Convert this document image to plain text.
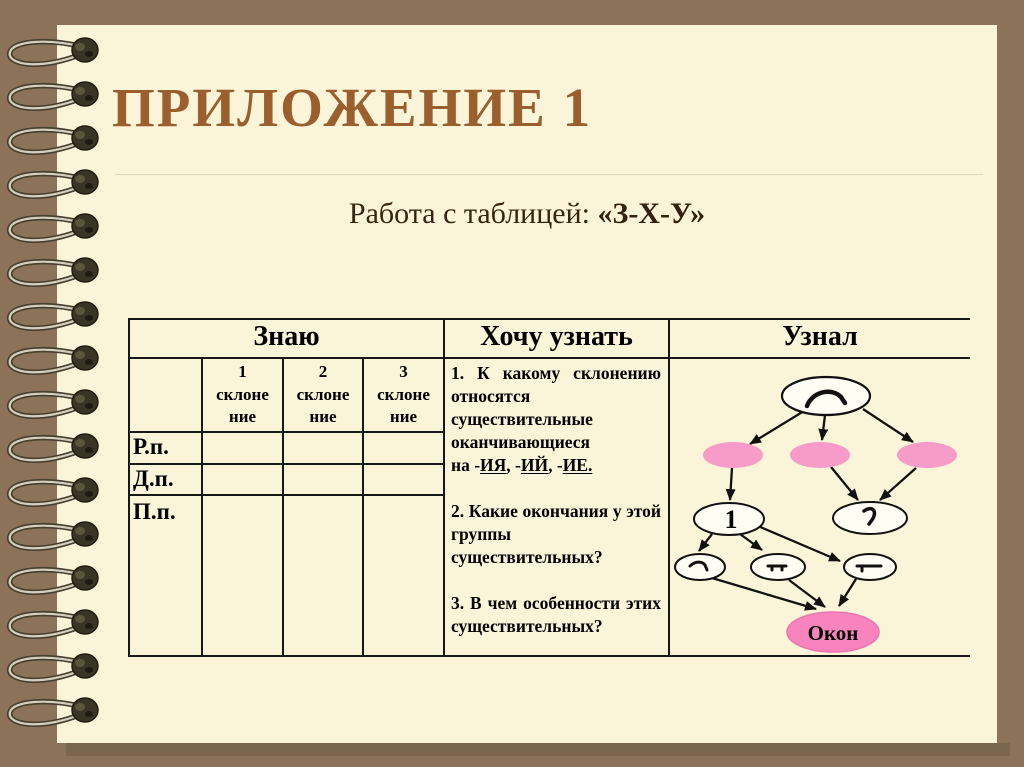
ПРИЛОЖЕНИЕ 1
Работа с таблицей: «З-Х-У»
Знаю	Хочу узнать	Узнал
1
склоне
ние
2
склоне
ние
3
склоне
ние
Р.п.
Д.п.
П.п.

1. К какому склонению относятся существительные оканчивающиеся
на -ИЯ, -ИЙ, -ИЕ.

2. Какие окончания у этой группы существительных?

3. В чем особенности этих существительных?

1
Окон
